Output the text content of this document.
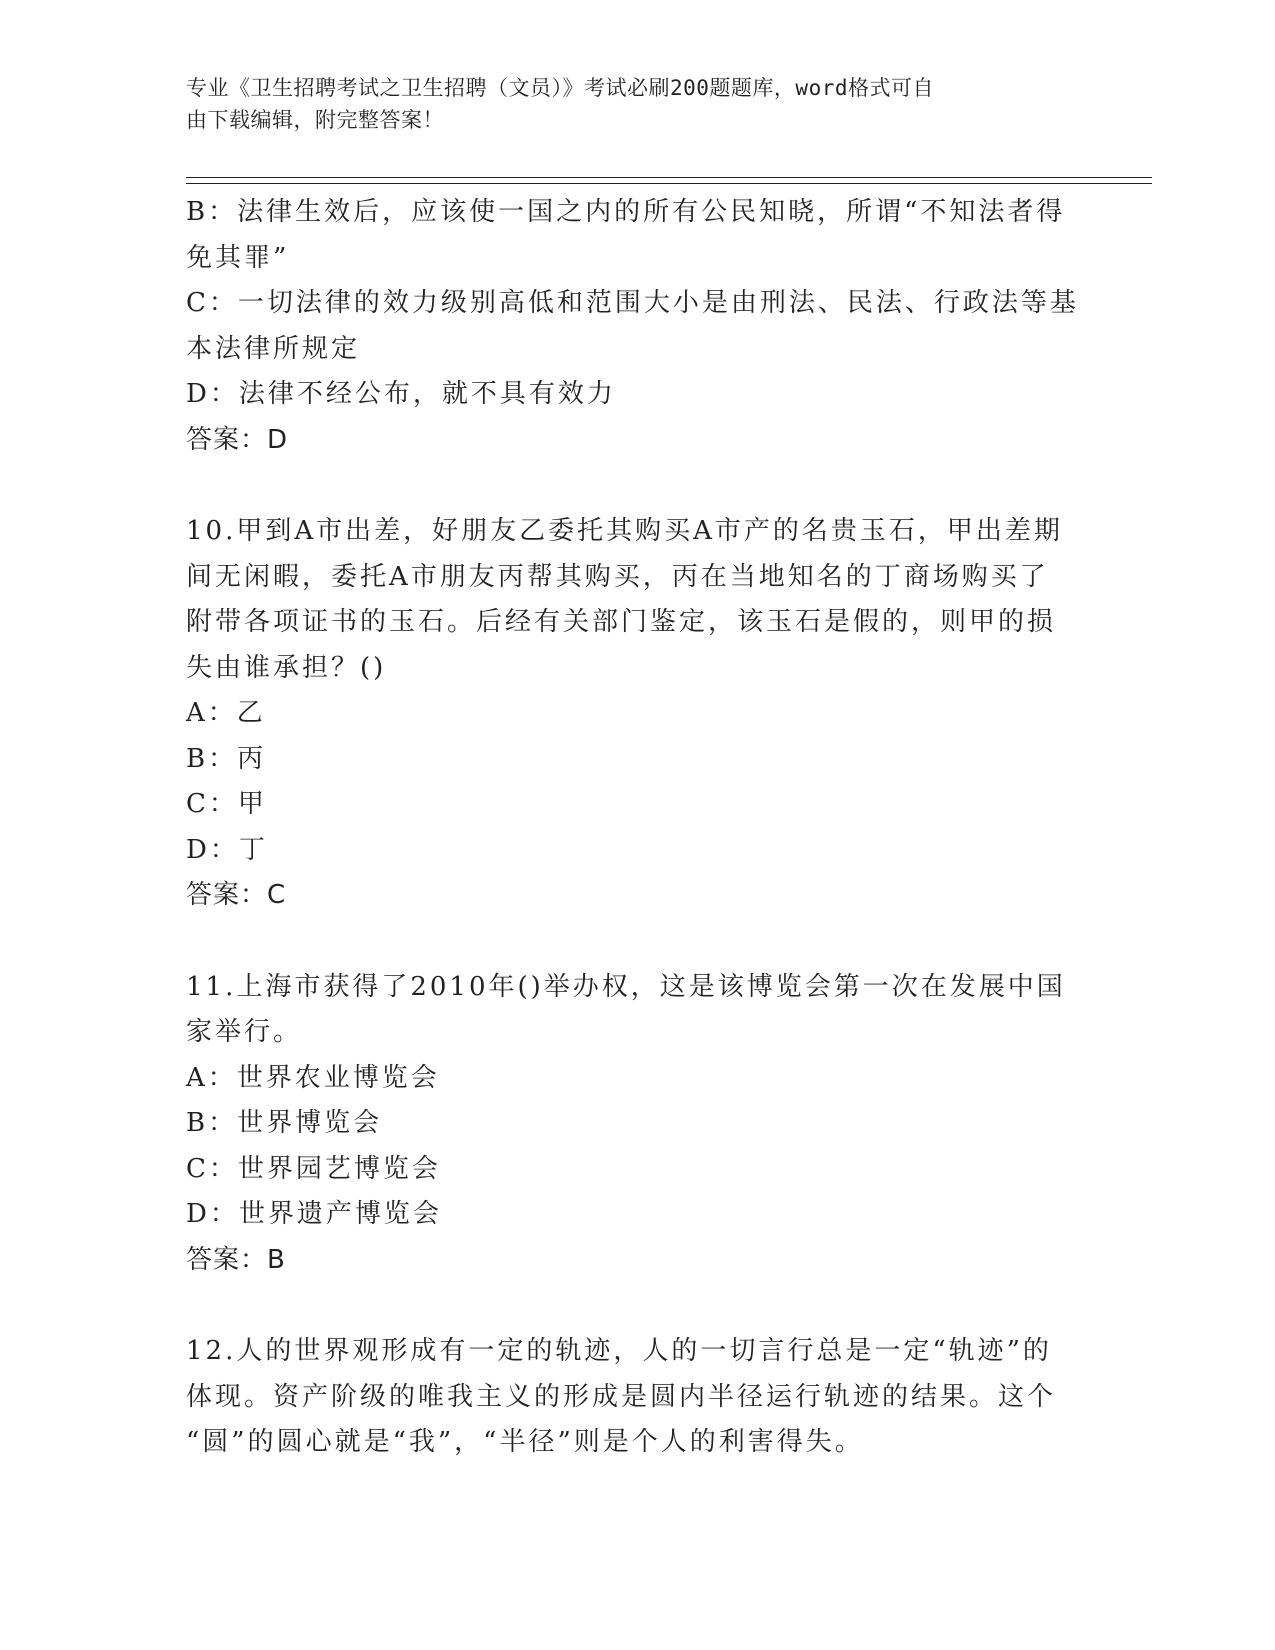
专业《卫生招聘考试之卫生招聘（文员）》考试必刷200题题库，word格式可自
由下载编辑，附完整答案！
B：法律生效后，应该使一国之内的所有公民知晓，所谓“不知法者得
免其罪”
C：一切法律的效力级别高低和范围大小是由刑法、民法、行政法等基
本法律所规定
D：法律不经公布，就不具有效力
答案：D
10.甲到A市出差，好朋友乙委托其购买A市产的名贵玉石，甲出差期
间无闲暇，委托A市朋友丙帮其购买，丙在当地知名的丁商场购买了
附带各项证书的玉石。后经有关部门鉴定，该玉石是假的，则甲的损
失由谁承担？()
A：乙
B：丙
C：甲
D：丁
答案：C
11.上海市获得了2010年()举办权，这是该博览会第一次在发展中国
家举行。
A：世界农业博览会
B：世界博览会
C：世界园艺博览会
D：世界遗产博览会
答案：B
12.人的世界观形成有一定的轨迹，人的一切言行总是一定“轨迹”的
体现。资产阶级的唯我主义的形成是圆内半径运行轨迹的结果。这个
“圆”的圆心就是“我”，“半径”则是个人的利害得失。
